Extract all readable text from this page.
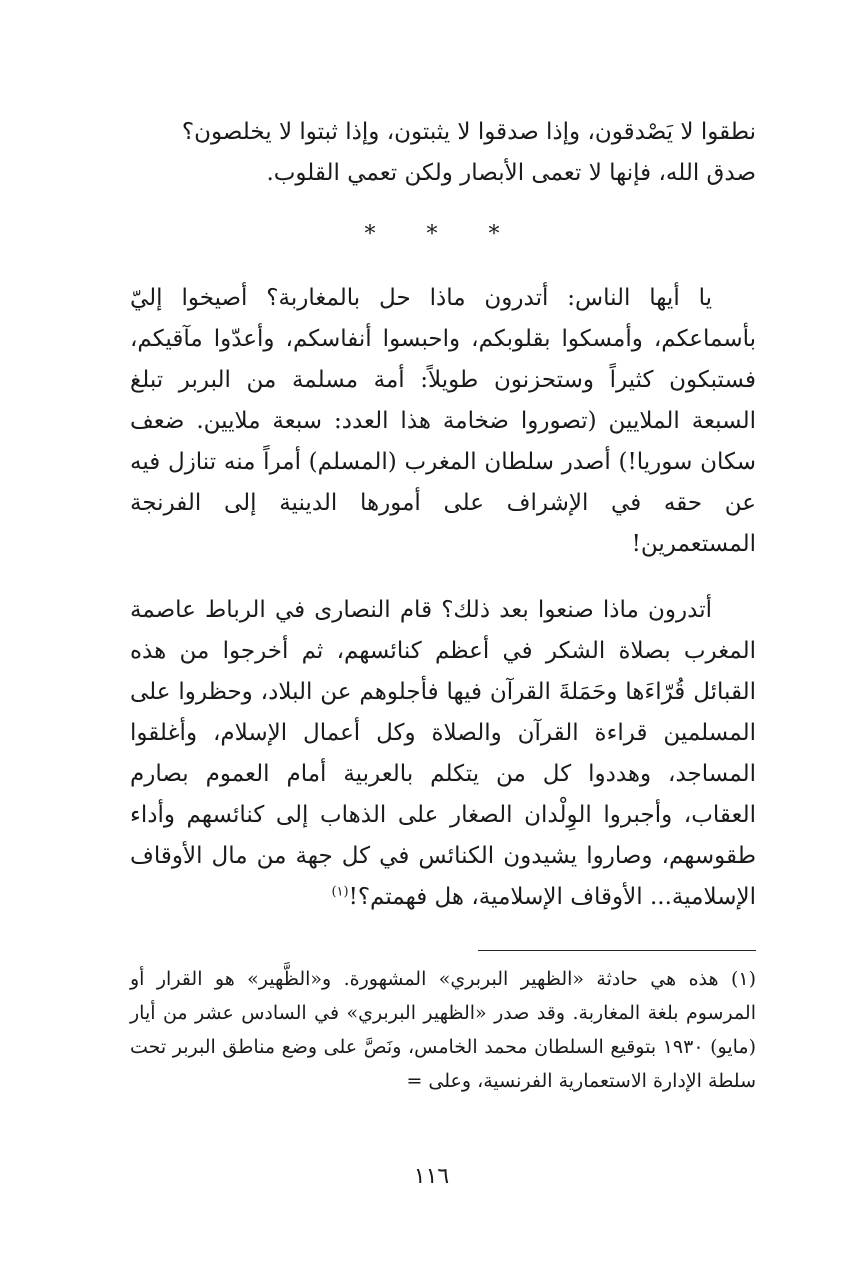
نطقوا لا يَصْدقون، وإذا صدقوا لا يثبتون، وإذا ثبتوا لا يخلصون؟

صدق الله، فإنها لا تعمى الأبصار ولكن تعمي القلوب.

* * *

يا أيها الناس: أتدرون ماذا حل بالمغاربة؟ أصيخوا إليّ بأسماعكم، وأمسكوا بقلوبكم، واحبسوا أنفاسكم، وأعدّوا مآقيكم، فستبكون كثيراً وستحزنون طويلاً: أمة مسلمة من البربر تبلغ السبعة الملايين (تصوروا ضخامة هذا العدد: سبعة ملايين. ضعف سكان سوريا!) أصدر سلطان المغرب (المسلم) أمراً منه تنازل فيه عن حقه في الإشراف على أمورها الدينية إلى الفرنجة المستعمرين!

أتدرون ماذا صنعوا بعد ذلك؟ قام النصارى في الرباط عاصمة المغرب بصلاة الشكر في أعظم كنائسهم، ثم أخرجوا من هذه القبائل قُرّاءَها وحَمَلةَ القرآن فيها فأجلوهم عن البلاد، وحظروا على المسلمين قراءة القرآن والصلاة وكل أعمال الإسلام، وأغلقوا المساجد، وهددوا كل من يتكلم بالعربية أمام العموم بصارم العقاب، وأجبروا الوِلْدان الصغار على الذهاب إلى كنائسهم وأداء طقوسهم، وصاروا يشيدون الكنائس في كل جهة من مال الأوقاف الإسلامية... الأوقاف الإسلامية، هل فهمتم؟!$^{(١)}$

(١) هذه هي حادثة «الظهير البربري» المشهورة. و«الظَّهير» هو القرار أو المرسوم بلغة المغاربة. وقد صدر «الظهير البربري» في السادس عشر من أيار (مايو) ١٩٣٠ بتوقيع السلطان محمد الخامس، ونَصَّ على وضع مناطق البربر تحت سلطة الإدارة الاستعمارية الفرنسية، وعلى =

١١٦
